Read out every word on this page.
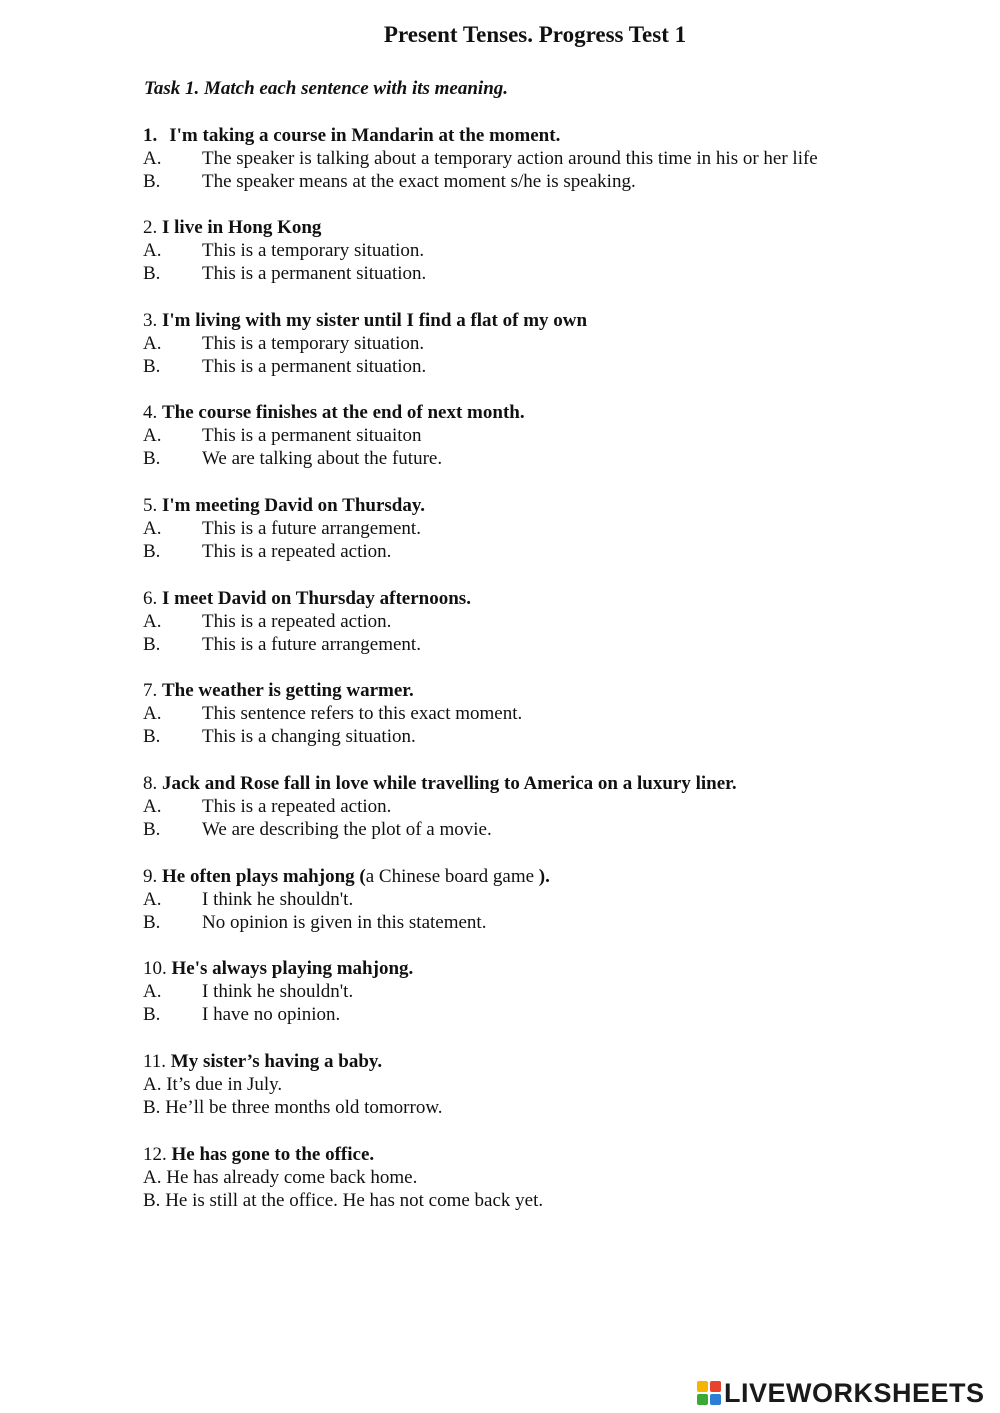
Present Tenses. Progress Test 1

Task 1. Match each sentence with its meaning.

1. I'm taking a course in Mandarin at the moment.
A. The speaker is talking about a temporary action around this time in his or her life
B. The speaker means at the exact moment s/he is speaking.
2. I live in Hong Kong
A. This is a temporary situation.
B. This is a permanent situation.
3. I'm living with my sister until I find a flat of my own
A. This is a temporary situation.
B. This is a permanent situation.
4. The course finishes at the end of next month.
A. This is a permanent situaiton
B. We are talking about the future.
5. I'm meeting David on Thursday.
A. This is a future arrangement.
B. This is a repeated action.
6. I meet David on Thursday afternoons.
A. This is a repeated action.
B. This is a future arrangement.
7. The weather is getting warmer.
A. This sentence refers to this exact moment.
B. This is a changing situation.
8. Jack and Rose fall in love while travelling to America on a luxury liner.
A. This is a repeated action.
B. We are describing the plot of a movie.
9. He often plays mahjong (a Chinese board game ).
A. I think he shouldn't.
B. No opinion is given in this statement.
10. He's always playing mahjong.
A. I think he shouldn't.
B. I have no opinion.
11. My sister’s having a baby.
A. It’s due in July.
B. He’ll be three months old tomorrow.
12. He has gone to the office.
A. He has already come back home.
B. He is still at the office. He has not come back yet.
LIVEWORKSHEETS
